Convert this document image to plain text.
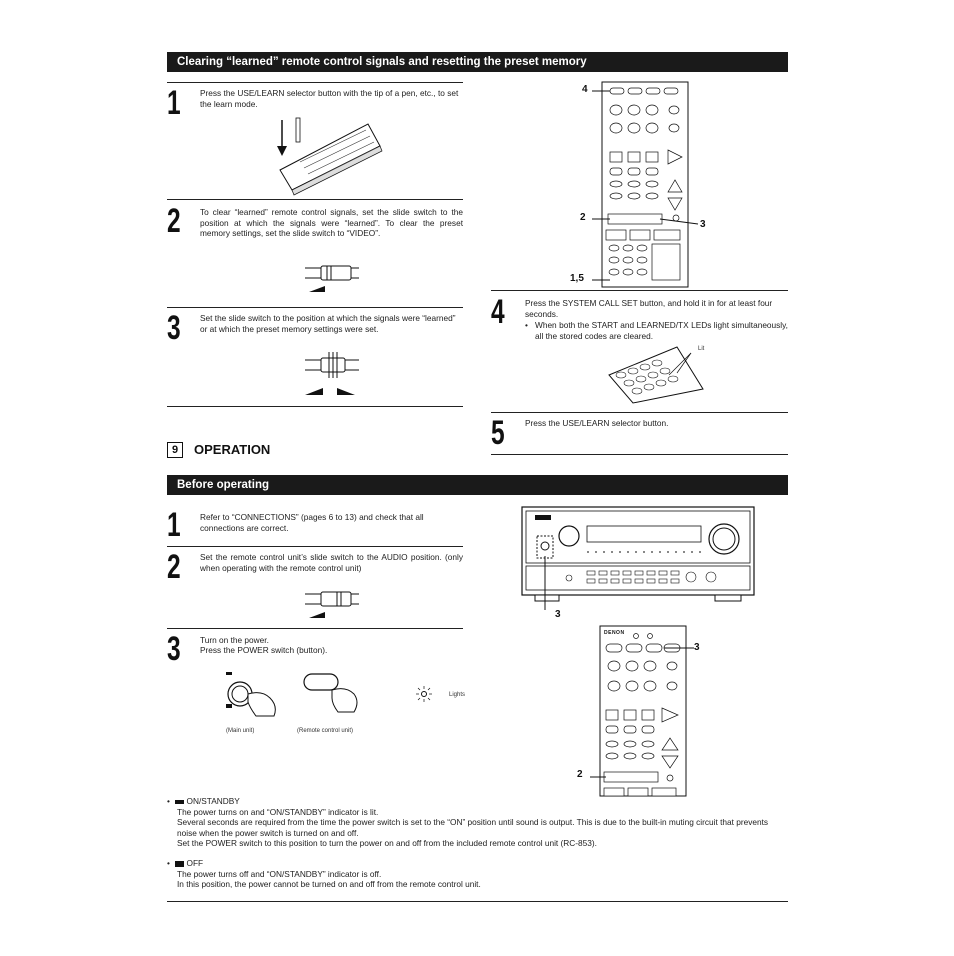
Clearing “learned” remote control signals and resetting the preset memory
1 Press the USE/LEARN selector button with the tip of a pen, etc., to set the learn mode.
2 To clear “learned” remote control signals, set the slide switch to the position at which the signals were “learned”. To clear the preset memory settings, set the slide switch to “VIDEO”.
3 Set the slide switch to the position at which the signals were “learned” or at which the preset memory settings were set.
4
2
3
1,5
4 Press the SYSTEM CALL SET button, and hold it in for at least four seconds.
• When both the START and LEARNED/TX LEDs light simultaneously, all the stored codes are cleared.
Lit
5 Press the USE/LEARN selector button.
9	OPERATION
Before operating
1 Refer to “CONNECTIONS” (pages 6 to 13) and check that all connections are correct.
2 Set the remote control unit’s slide switch to the AUDIO position. (only when operating with the remote control unit)
3 Turn on the power.
Press the POWER switch (button).
Lights
(Main unit)	(Remote control unit)
3
DENON
3
2
•  ON/STANDBY
The power turns on and “ON/STANDBY” indicator is lit.
Several seconds are required from the time the power switch is set to the “ON” position until sound is output. This is due to the built-in muting circuit that prevents noise when the power switch is turned on and off.
Set the POWER switch to this position to turn the power on and off from the included remote control unit (RC-853).
•  OFF
The power turns off and “ON/STANDBY” indicator is off.
In this position, the power cannot be turned on and off from the remote control unit.
